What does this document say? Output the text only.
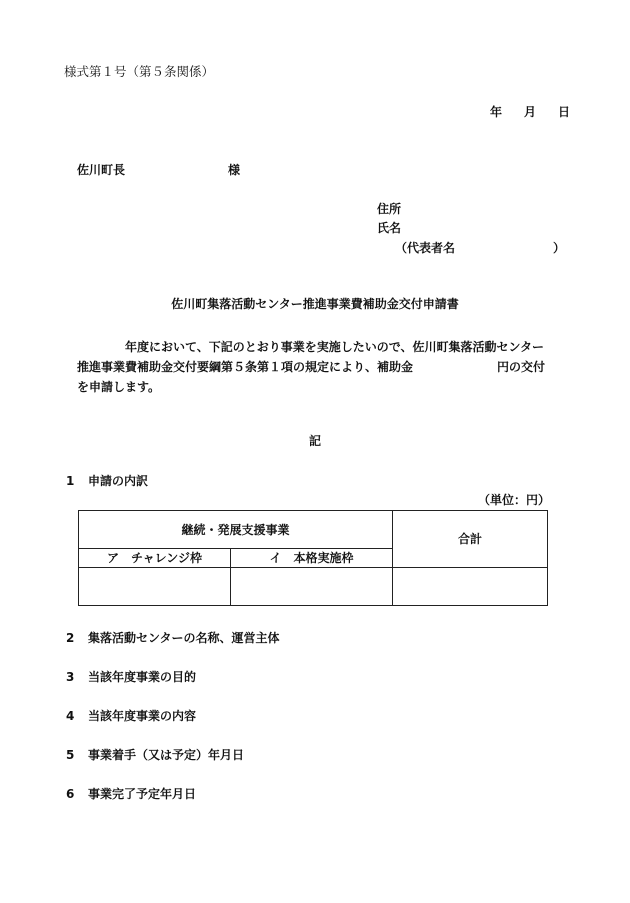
様式第１号（第５条関係）
年 月 日
佐川町長	様
住所
氏名
（代表者名	）
佐川町集落活動センター推進事業費補助金交付申請書
年度において、下記のとおり事業を実施したいので、佐川町集落活動センター
推進事業費補助金交付要綱第５条第１項の規定により、補助金	円の交付
を申請します。
記
1 申請の内訳
（単位：円）
継続・発展支援事業		合計
ア　チャレンジ枠	イ　本格実施枠	

2 集落活動センターの名称、運営主体
3 当該年度事業の目的
4 当該年度事業の内容
5 事業着手（又は予定）年月日
6 事業完了予定年月日
